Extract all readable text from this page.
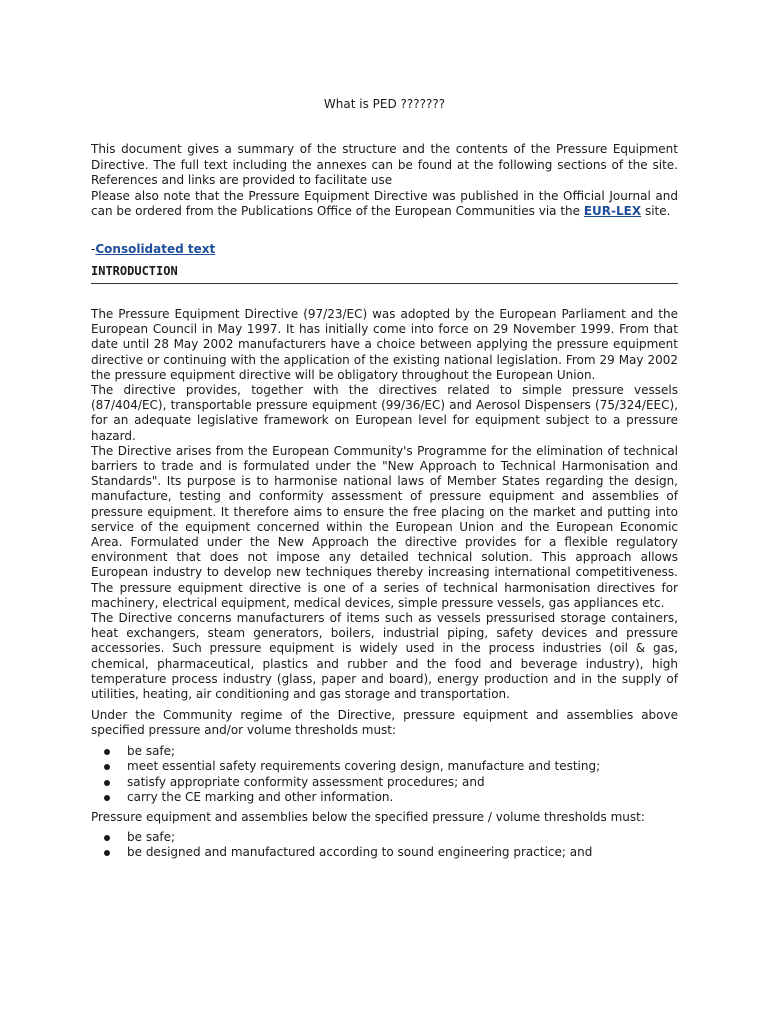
What is PED ???????

This document gives a summary of the structure and the contents of the Pressure Equipment Directive. The full text including the annexes can be found at the following sections of the site. References and links are provided to facilitate use

Please also note that the Pressure Equipment Directive was published in the Official Journal and can be ordered from the Publications Office of the European Communities via the EUR-LEX site.

-Consolidated text
INTRODUCTION

The Pressure Equipment Directive (97/23/EC) was adopted by the European Parliament and the European Council in May 1997. It has initially come into force on 29 November 1999. From that date until 28 May 2002 manufacturers have a choice between applying the pressure equipment directive or continuing with the application of the existing national legislation. From 29 May 2002 the pressure equipment directive will be obligatory throughout the European Union.

The directive provides, together with the directives related to simple pressure vessels (87/404/EC), transportable pressure equipment (99/36/EC) and Aerosol Dispensers (75/324/EEC), for an adequate legislative framework on European level for equipment subject to a pressure hazard.

The Directive arises from the European Community's Programme for the elimination of technical barriers to trade and is formulated under the "New Approach to Technical Harmonisation and Standards". Its purpose is to harmonise national laws of Member States regarding the design, manufacture, testing and conformity assessment of pressure equipment and assemblies of pressure equipment. It therefore aims to ensure the free placing on the market and putting into service of the equipment concerned within the European Union and the European Economic Area. Formulated under the New Approach the directive provides for a flexible regulatory environment that does not impose any detailed technical solution. This approach allows European industry to develop new techniques thereby increasing international competitiveness. The pressure equipment directive is one of a series of technical harmonisation directives for machinery, electrical equipment, medical devices, simple pressure vessels, gas appliances etc.

The Directive concerns manufacturers of items such as vessels pressurised storage containers, heat exchangers, steam generators, boilers, industrial piping, safety devices and pressure accessories. Such pressure equipment is widely used in the process industries (oil & gas, chemical, pharmaceutical, plastics and rubber and the food and beverage industry), high temperature process industry (glass, paper and board), energy production and in the supply of utilities, heating, air conditioning and gas storage and transportation.

Under the Community regime of the Directive, pressure equipment and assemblies above specified pressure and/or volume thresholds must:

be safe;
meet essential safety requirements covering design, manufacture and testing;
satisfy appropriate conformity assessment procedures; and
carry the CE marking and other information.

Pressure equipment and assemblies below the specified pressure / volume thresholds must:

be safe;
be designed and manufactured according to sound engineering practice; and
